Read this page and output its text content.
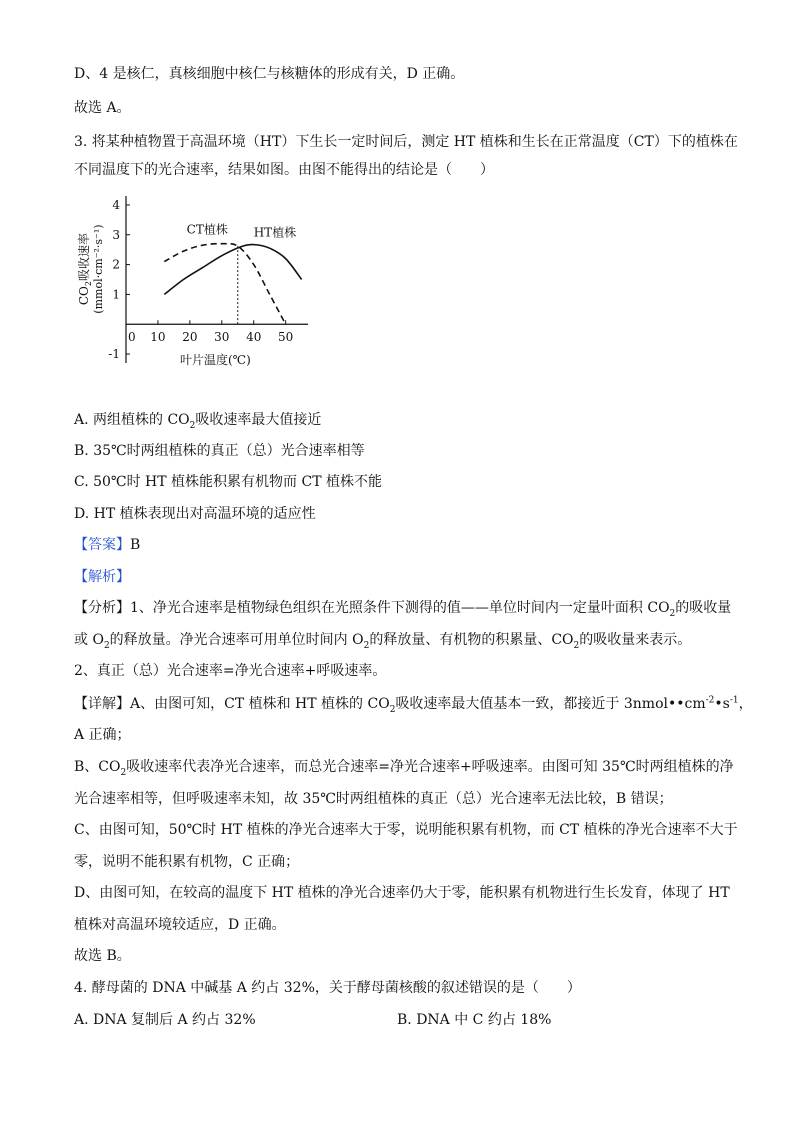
D、4 是核仁，真核细胞中核仁与核糖体的形成有关，D 正确。
故选 A。
3. 将某种植物置于高温环境（HT）下生长一定时间后，测定 HT 植株和生长在正常温度（CT）下的植株在
不同温度下的光合速率，结果如图。由图不能得出的结论是（　　）
4
3
2
1
-1
0 10 20 30 40 50
CT植株 HT植株
叶片温度(℃)
$CO_2$吸收速率 (mmol·cm⁻²·s⁻¹)
A. 两组植株的 $CO_2$吸收速率最大值接近
B. 35℃时两组植株的真正（总）光合速率相等
C. 50℃时 HT 植株能积累有机物而 CT 植株不能
D. HT 植株表现出对高温环境的适应性
【答案】B
【解析】
【分析】1、净光合速率是植物绿色组织在光照条件下测得的值——单位时间内一定量叶面积 $CO_2$的吸收量
或 $O_2$的释放量。净光合速率可用单位时间内 $O_2$的释放量、有机物的积累量、$CO_2$的吸收量来表示。
2、真正（总）光合速率=净光合速率+呼吸速率。
【详解】A、由图可知，CT 植株和 HT 植株的 $CO_2$吸收速率最大值基本一致，都接近于 $3nmol••cm^{-2}•s^{-1}$，
A 正确；
B、$CO_2$吸收速率代表净光合速率，而总光合速率=净光合速率+呼吸速率。由图可知 35℃时两组植株的净
光合速率相等，但呼吸速率未知，故 35℃时两组植株的真正（总）光合速率无法比较，B 错误；
C、由图可知，50℃时 HT 植株的净光合速率大于零，说明能积累有机物，而 CT 植株的净光合速率不大于
零，说明不能积累有机物，C 正确；
D、由图可知，在较高的温度下 HT 植株的净光合速率仍大于零，能积累有机物进行生长发育，体现了 HT
植株对高温环境较适应，D 正确。
故选 B。
4. 酵母菌的 DNA 中碱基 A 约占 32%，关于酵母菌核酸的叙述错误的是（　　）
A. DNA 复制后 A 约占 32%	B. DNA 中 C 约占 18%
